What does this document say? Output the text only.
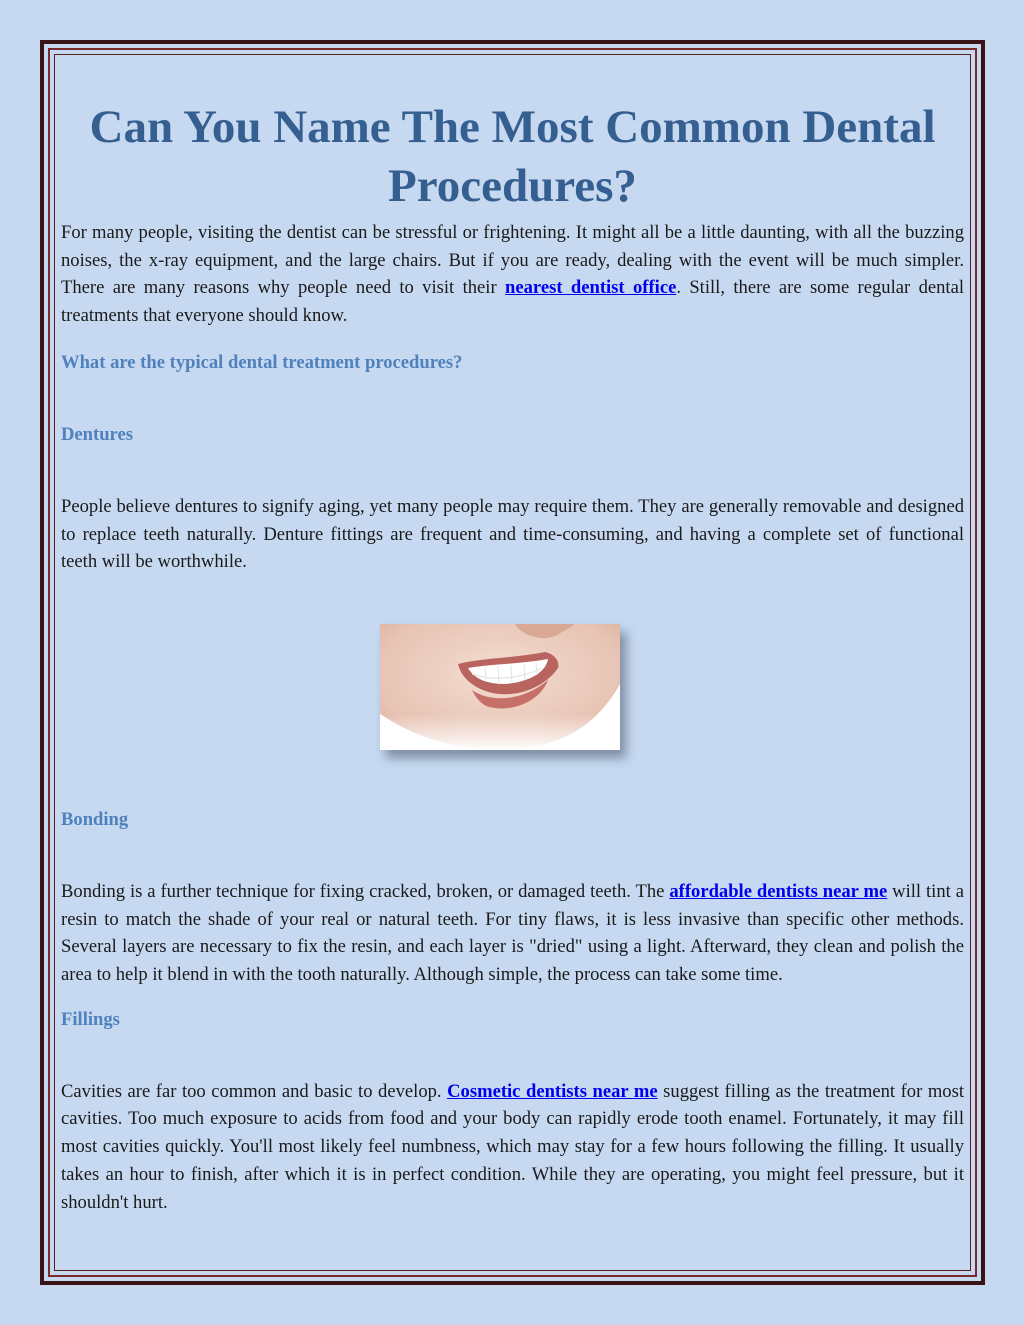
Can You Name The Most Common Dental Procedures?

For many people, visiting the dentist can be stressful or frightening. It might all be a little daunting, with all the buzzing noises, the x-ray equipment, and the large chairs. But if you are ready, dealing with the event will be much simpler. There are many reasons why people need to visit their nearest dentist office. Still, there are some regular dental treatments that everyone should know.

What are the typical dental treatment procedures?
Dentures

People believe dentures to signify aging, yet many people may require them. They are generally removable and designed to replace teeth naturally. Denture fittings are frequent and time-consuming, and having a complete set of functional teeth will be worthwhile.

Bonding

Bonding is a further technique for fixing cracked, broken, or damaged teeth. The affordable dentists near me will tint a resin to match the shade of your real or natural teeth. For tiny flaws, it is less invasive than specific other methods. Several layers are necessary to fix the resin, and each layer is "dried" using a light. Afterward, they clean and polish the area to help it blend in with the tooth naturally. Although simple, the process can take some time.

Fillings

Cavities are far too common and basic to develop. Cosmetic dentists near me suggest filling as the treatment for most cavities. Too much exposure to acids from food and your body can rapidly erode tooth enamel. Fortunately, it may fill most cavities quickly. You'll most likely feel numbness, which may stay for a few hours following the filling. It usually takes an hour to finish, after which it is in perfect condition. While they are operating, you might feel pressure, but it shouldn't hurt.
